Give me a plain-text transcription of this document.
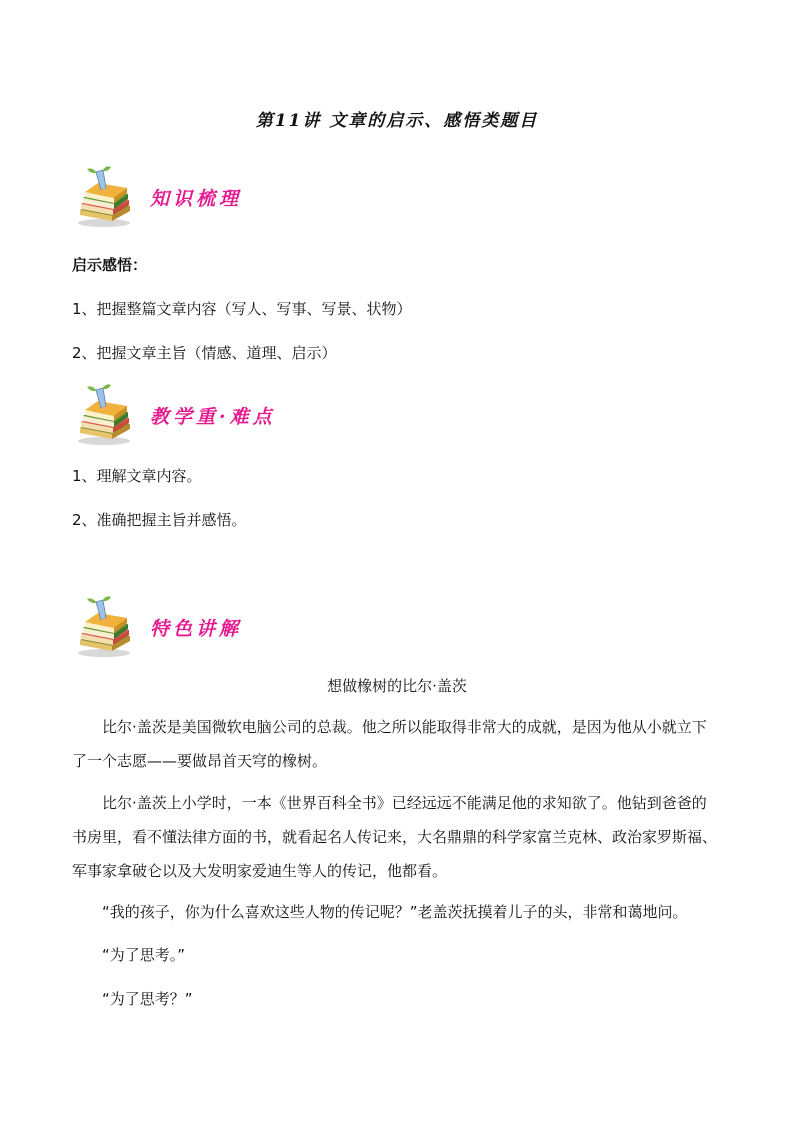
第11讲 文章的启示、感悟类题目
知识梳理
启示感悟：
1、把握整篇文章内容（写人、写事、写景、状物）
2、把握文章主旨（情感、道理、启示）
教学重·难点
1、理解文章内容。
2、准确把握主旨并感悟。
特色讲解
想做橡树的比尔·盖茨
比尔·盖茨是美国微软电脑公司的总裁。他之所以能取得非常大的成就，是因为他从小就立下了一个志愿——要做昂首天穹的橡树。
比尔·盖茨上小学时，一本《世界百科全书》已经远远不能满足他的求知欲了。他钻到爸爸的书房里，看不懂法律方面的书，就看起名人传记来，大名鼎鼎的科学家富兰克林、政治家罗斯福、军事家拿破仑以及大发明家爱迪生等人的传记，他都看。
“我的孩子，你为什么喜欢这些人物的传记呢？”老盖茨抚摸着儿子的头，非常和蔼地问。
“为了思考。”
“为了思考？”
